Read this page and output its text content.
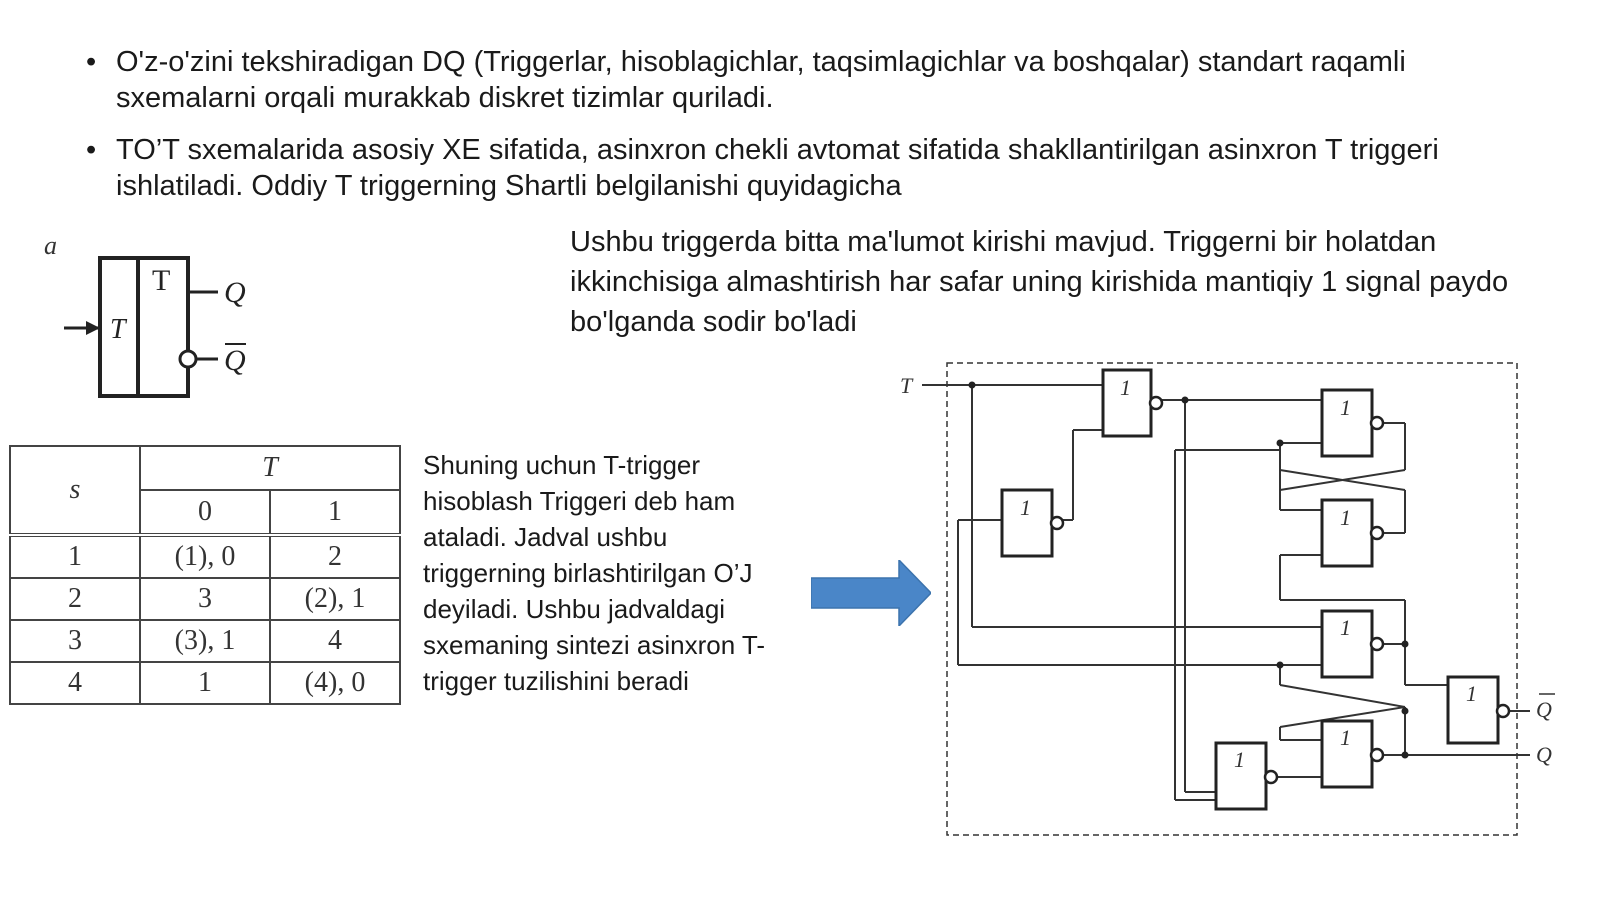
• O'z-o'zini tekshiradigan DQ (Triggerlar, hisoblagichlar, taqsimlagichlar va boshqalar) standart raqamli sxemalarni orqali murakkab diskret tizimlar quriladi.
• TO’T sxemalarida asosiy XE sifatida, asinxron chekli avtomat sifatida shakllantirilgan asinxron T triggeri ishlatiladi. Oddiy T triggerning Shartli belgilanishi quyidagicha
Ushbu triggerda bitta ma'lumot kirishi mavjud. Triggerni bir holatdan ikkinchisiga almashtirish har safar uning kirishida mantiqiy 1 signal paydo bo'lganda sodir bo'ladi
a
T
T
Q
Q
s	T	
	0	1
1	(1), 0	2
2	3	(2), 1
3	(3), 1	4
4	1	(4), 0
Shuning uchun T-trigger hisoblash Triggeri deb ham ataladi. Jadval ushbu triggerning birlashtirilgan O’J deyiladi. Ushbu jadvaldagi sxemaning sintezi asinxron T-trigger tuzilishini beradi
T	1
1
1
1
1
1
1
1
Q
Q
